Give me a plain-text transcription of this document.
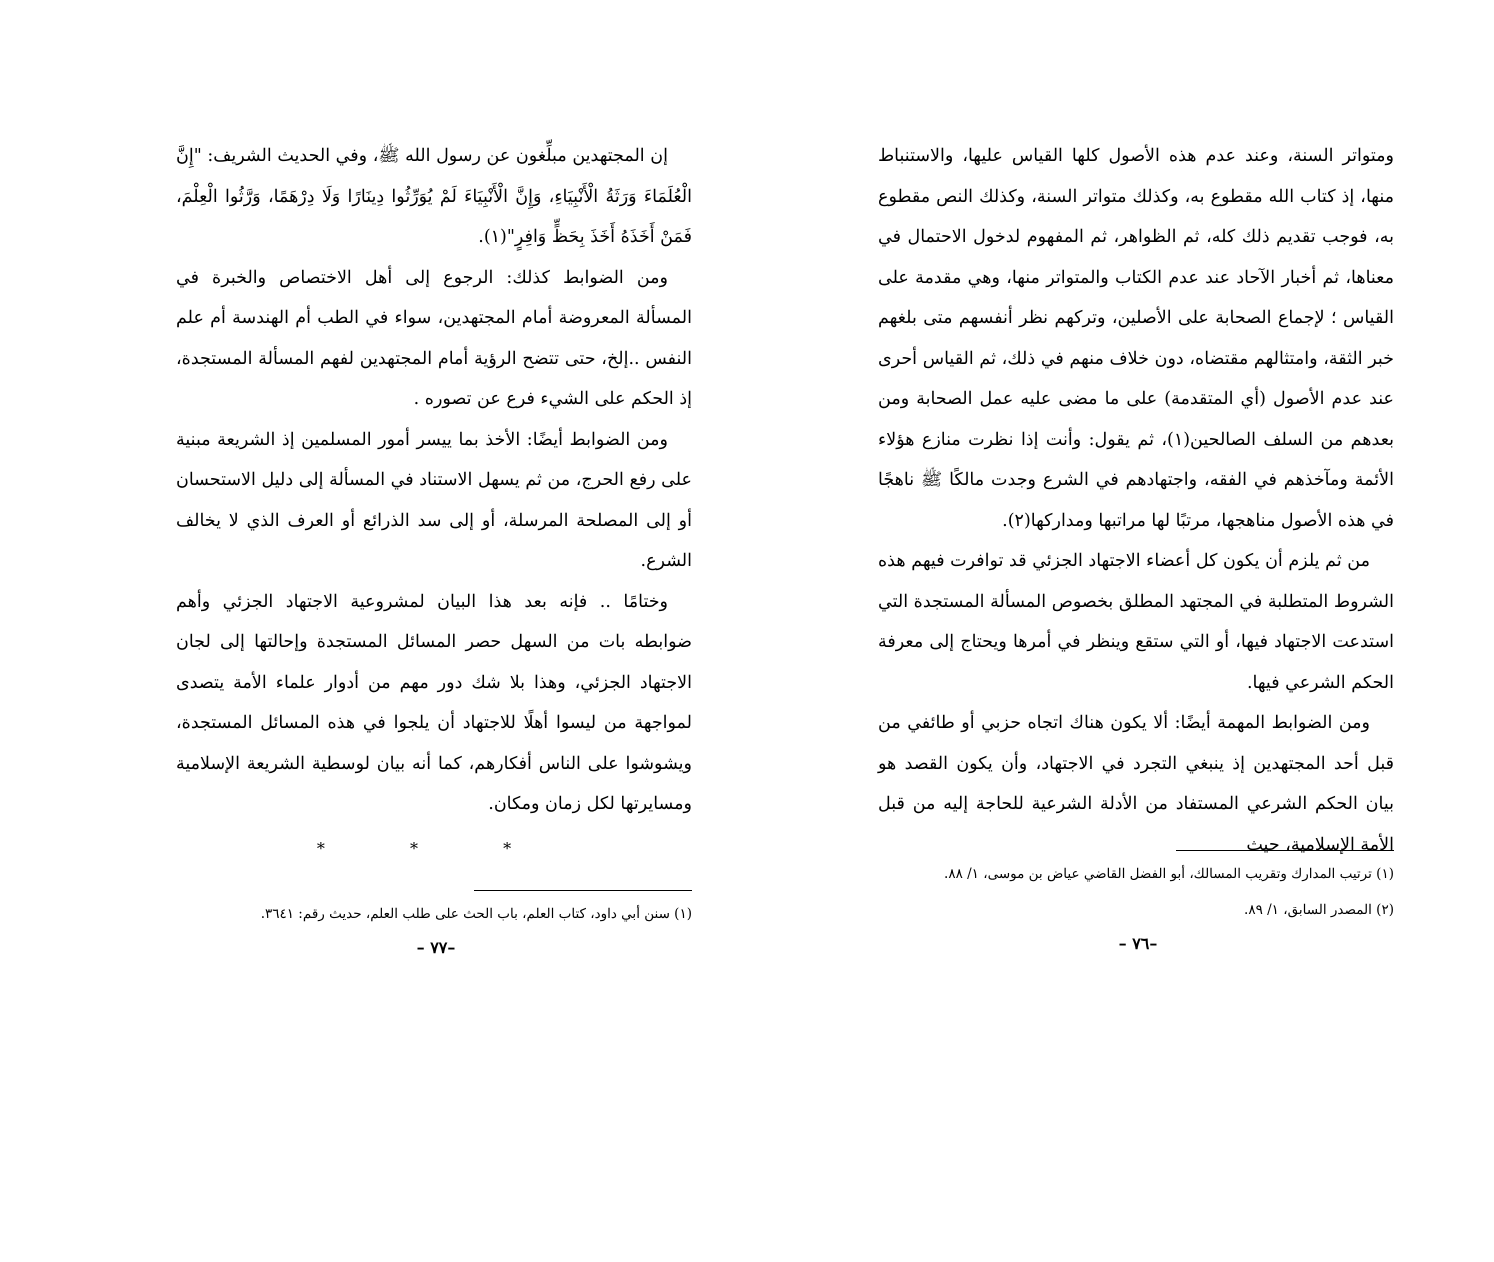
إن المجتهدين مبلِّغون عن رسول الله ﷺ، وفي الحديث الشريف: "إِنَّ الْعُلَمَاءَ وَرَثَةُ الْأَنْبِيَاءِ، وَإِنَّ الْأَنْبِيَاءَ لَمْ يُوَرِّثُوا دِينَارًا وَلَا دِرْهَمًا، وَرَّثُوا الْعِلْمَ، فَمَنْ أَخَذَهُ أَخَذَ بِحَظٍّ وَافِرٍ"(١).

ومن الضوابط كذلك: الرجوع إلى أهل الاختصاص والخبرة في المسألة المعروضة أمام المجتهدين، سواء في الطب أم الهندسة أم علم النفس ..إلخ، حتى تتضح الرؤية أمام المجتهدين لفهم المسألة المستجدة، إذ الحكم على الشيء فرع عن تصوره .

ومن الضوابط أيضًا: الأخذ بما ييسر أمور المسلمين إذ الشريعة مبنية على رفع الحرج، من ثم يسهل الاستناد في المسألة إلى دليل الاستحسان أو إلى المصلحة المرسلة، أو إلى سد الذرائع أو العرف الذي لا يخالف الشرع.

وختامًا .. فإنه بعد هذا البيان لمشروعية الاجتهاد الجزئي وأهم ضوابطه بات من السهل حصر المسائل المستجدة وإحالتها إلى لجان الاجتهاد الجزئي، وهذا بلا شك دور مهم من أدوار علماء الأمة يتصدى لمواجهة من ليسوا أهلًا للاجتهاد أن يلجوا في هذه المسائل المستجدة، ويشوشوا على الناس أفكارهم، كما أنه بيان لوسطية الشريعة الإسلامية ومسايرتها لكل زمان ومكان.

* * *
(١) سنن أبي داود، كتاب العلم، باب الحث على طلب العلم، حديث رقم: ٣٦٤١.
–٧٧ –

ومتواتر السنة، وعند عدم هذه الأصول كلها القياس عليها، والاستنباط منها، إذ كتاب الله مقطوع به، وكذلك متواتر السنة، وكذلك النص مقطوع به، فوجب تقديم ذلك كله، ثم الظواهر، ثم المفهوم لدخول الاحتمال في معناها، ثم أخبار الآحاد عند عدم الكتاب والمتواتر منها، وهي مقدمة على القياس ؛ لإجماع الصحابة على الأصلين، وتركهم نظر أنفسهم متى بلغهم خبر الثقة، وامتثالهم مقتضاه، دون خلاف منهم في ذلك، ثم القياس أحرى عند عدم الأصول (أي المتقدمة) على ما مضى عليه عمل الصحابة ومن بعدهم من السلف الصالحين(١)، ثم يقول: وأنت إذا نظرت منازع هؤلاء الأئمة ومآخذهم في الفقه، واجتهادهم في الشرع وجدت مالكًا ﷺ ناهجًا في هذه الأصول مناهجها، مرتبًا لها مراتبها ومداركها(٢).

من ثم يلزم أن يكون كل أعضاء الاجتهاد الجزئي قد توافرت فيهم هذه الشروط المتطلبة في المجتهد المطلق بخصوص المسألة المستجدة التي استدعت الاجتهاد فيها، أو التي ستقع وينظر في أمرها ويحتاج إلى معرفة الحكم الشرعي فيها.

ومن الضوابط المهمة أيضًا: ألا يكون هناك اتجاه حزبي أو طائفي من قبل أحد المجتهدين إذ ينبغي التجرد في الاجتهاد، وأن يكون القصد هو بيان الحكم الشرعي المستفاد من الأدلة الشرعية للحاجة إليه من قبل الأمة الإسلامية، حيث

(١) ترتيب المدارك وتقريب المسالك، أبو الفضل القاضي عياض بن موسى، ١/ ٨٨.
(٢) المصدر السابق، ١/ ٨٩.
–٧٦ –
